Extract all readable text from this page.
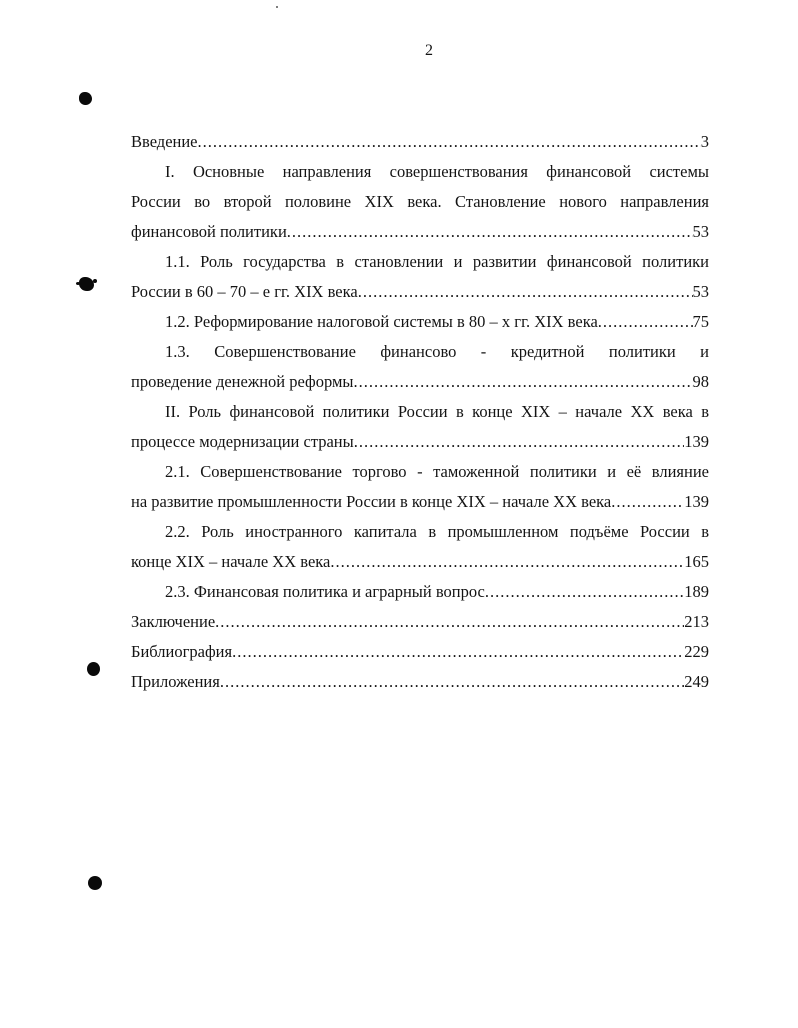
2
Введение .....	3
I. Основные направления совершенствования финансовой системы
России во второй половине XIX века. Становление нового направления
финансовой политики .....	53
1.1. Роль государства в становлении и развитии финансовой политики
России в 60 – 70 – е гг. XIX века .....	53
1.2. Реформирование налоговой системы в 80 – х гг. XIX века .....	75
1.3. Совершенствование финансово - кредитной политики и
проведение денежной реформы .....	98
II. Роль финансовой политики России в конце XIX – начале XX века в
процессе модернизации страны .....	139
2.1. Совершенствование торгово - таможенной политики и её влияние
на развитие промышленности России в конце XIX – начале XX века .....	139
2.2. Роль иностранного капитала в промышленном подъёме России в
конце XIX – начале XX века .....	165
2.3. Финансовая политика и аграрный вопрос .....	189
Заключение .....	213
Библиография .....	229
Приложения .....	249
